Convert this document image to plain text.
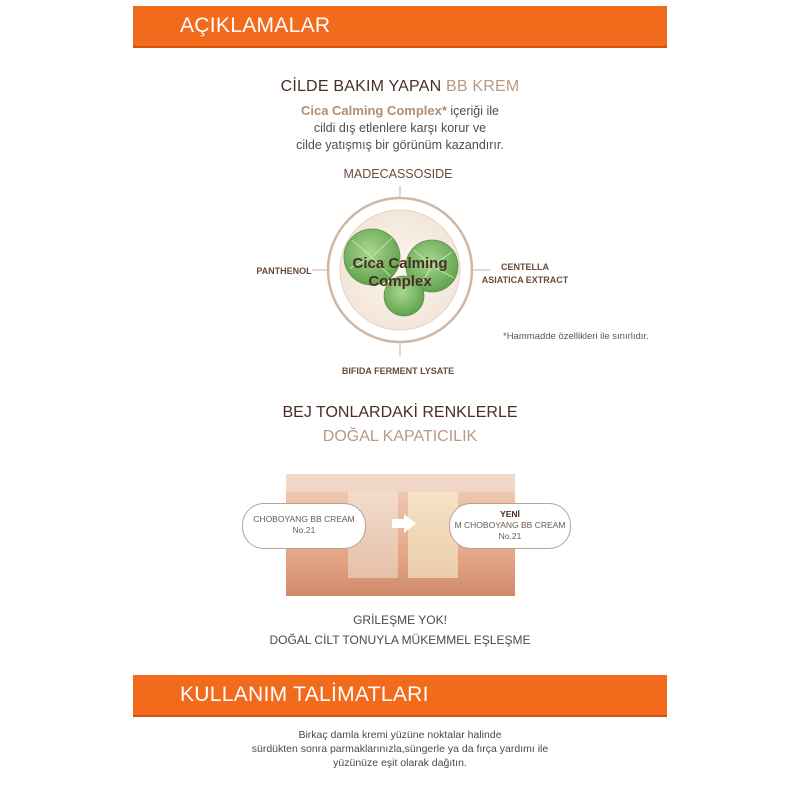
AÇIKLAMALAR
CİLDE BAKIM YAPAN BB KREM
Cica Calming Complex* içeriği ile
cildi dış etlenlere karşı korur ve
cilde yatışmış bir görünüm kazandırır.
Cica Calming
Complex
MADECASSOSIDE
PANTHENOL	CENTELLA
ASIATICA EXTRACT
BIFIDA FERMENT LYSATE
*Hammadde özellikleri ile sınırlıdır.
BEJ TONLARDAKİ RENKLERLE
DOĞAL KAPATICILIK
CHOBOYANG BB CREAM
No.21
YENİ
M CHOBOYANG BB CREAM
No.21
GRİLEŞME YOK!
DOĞAL CİLT TONUYLA MÜKEMMEL EŞLEŞME
KULLANIM TALİMATLARI
Birkaç damla kremi yüzüne noktalar halinde
sürdükten sonra parmaklarınızla,süngerle ya da fırça yardımı ile
yüzünüze eşit olarak dağıtın.
